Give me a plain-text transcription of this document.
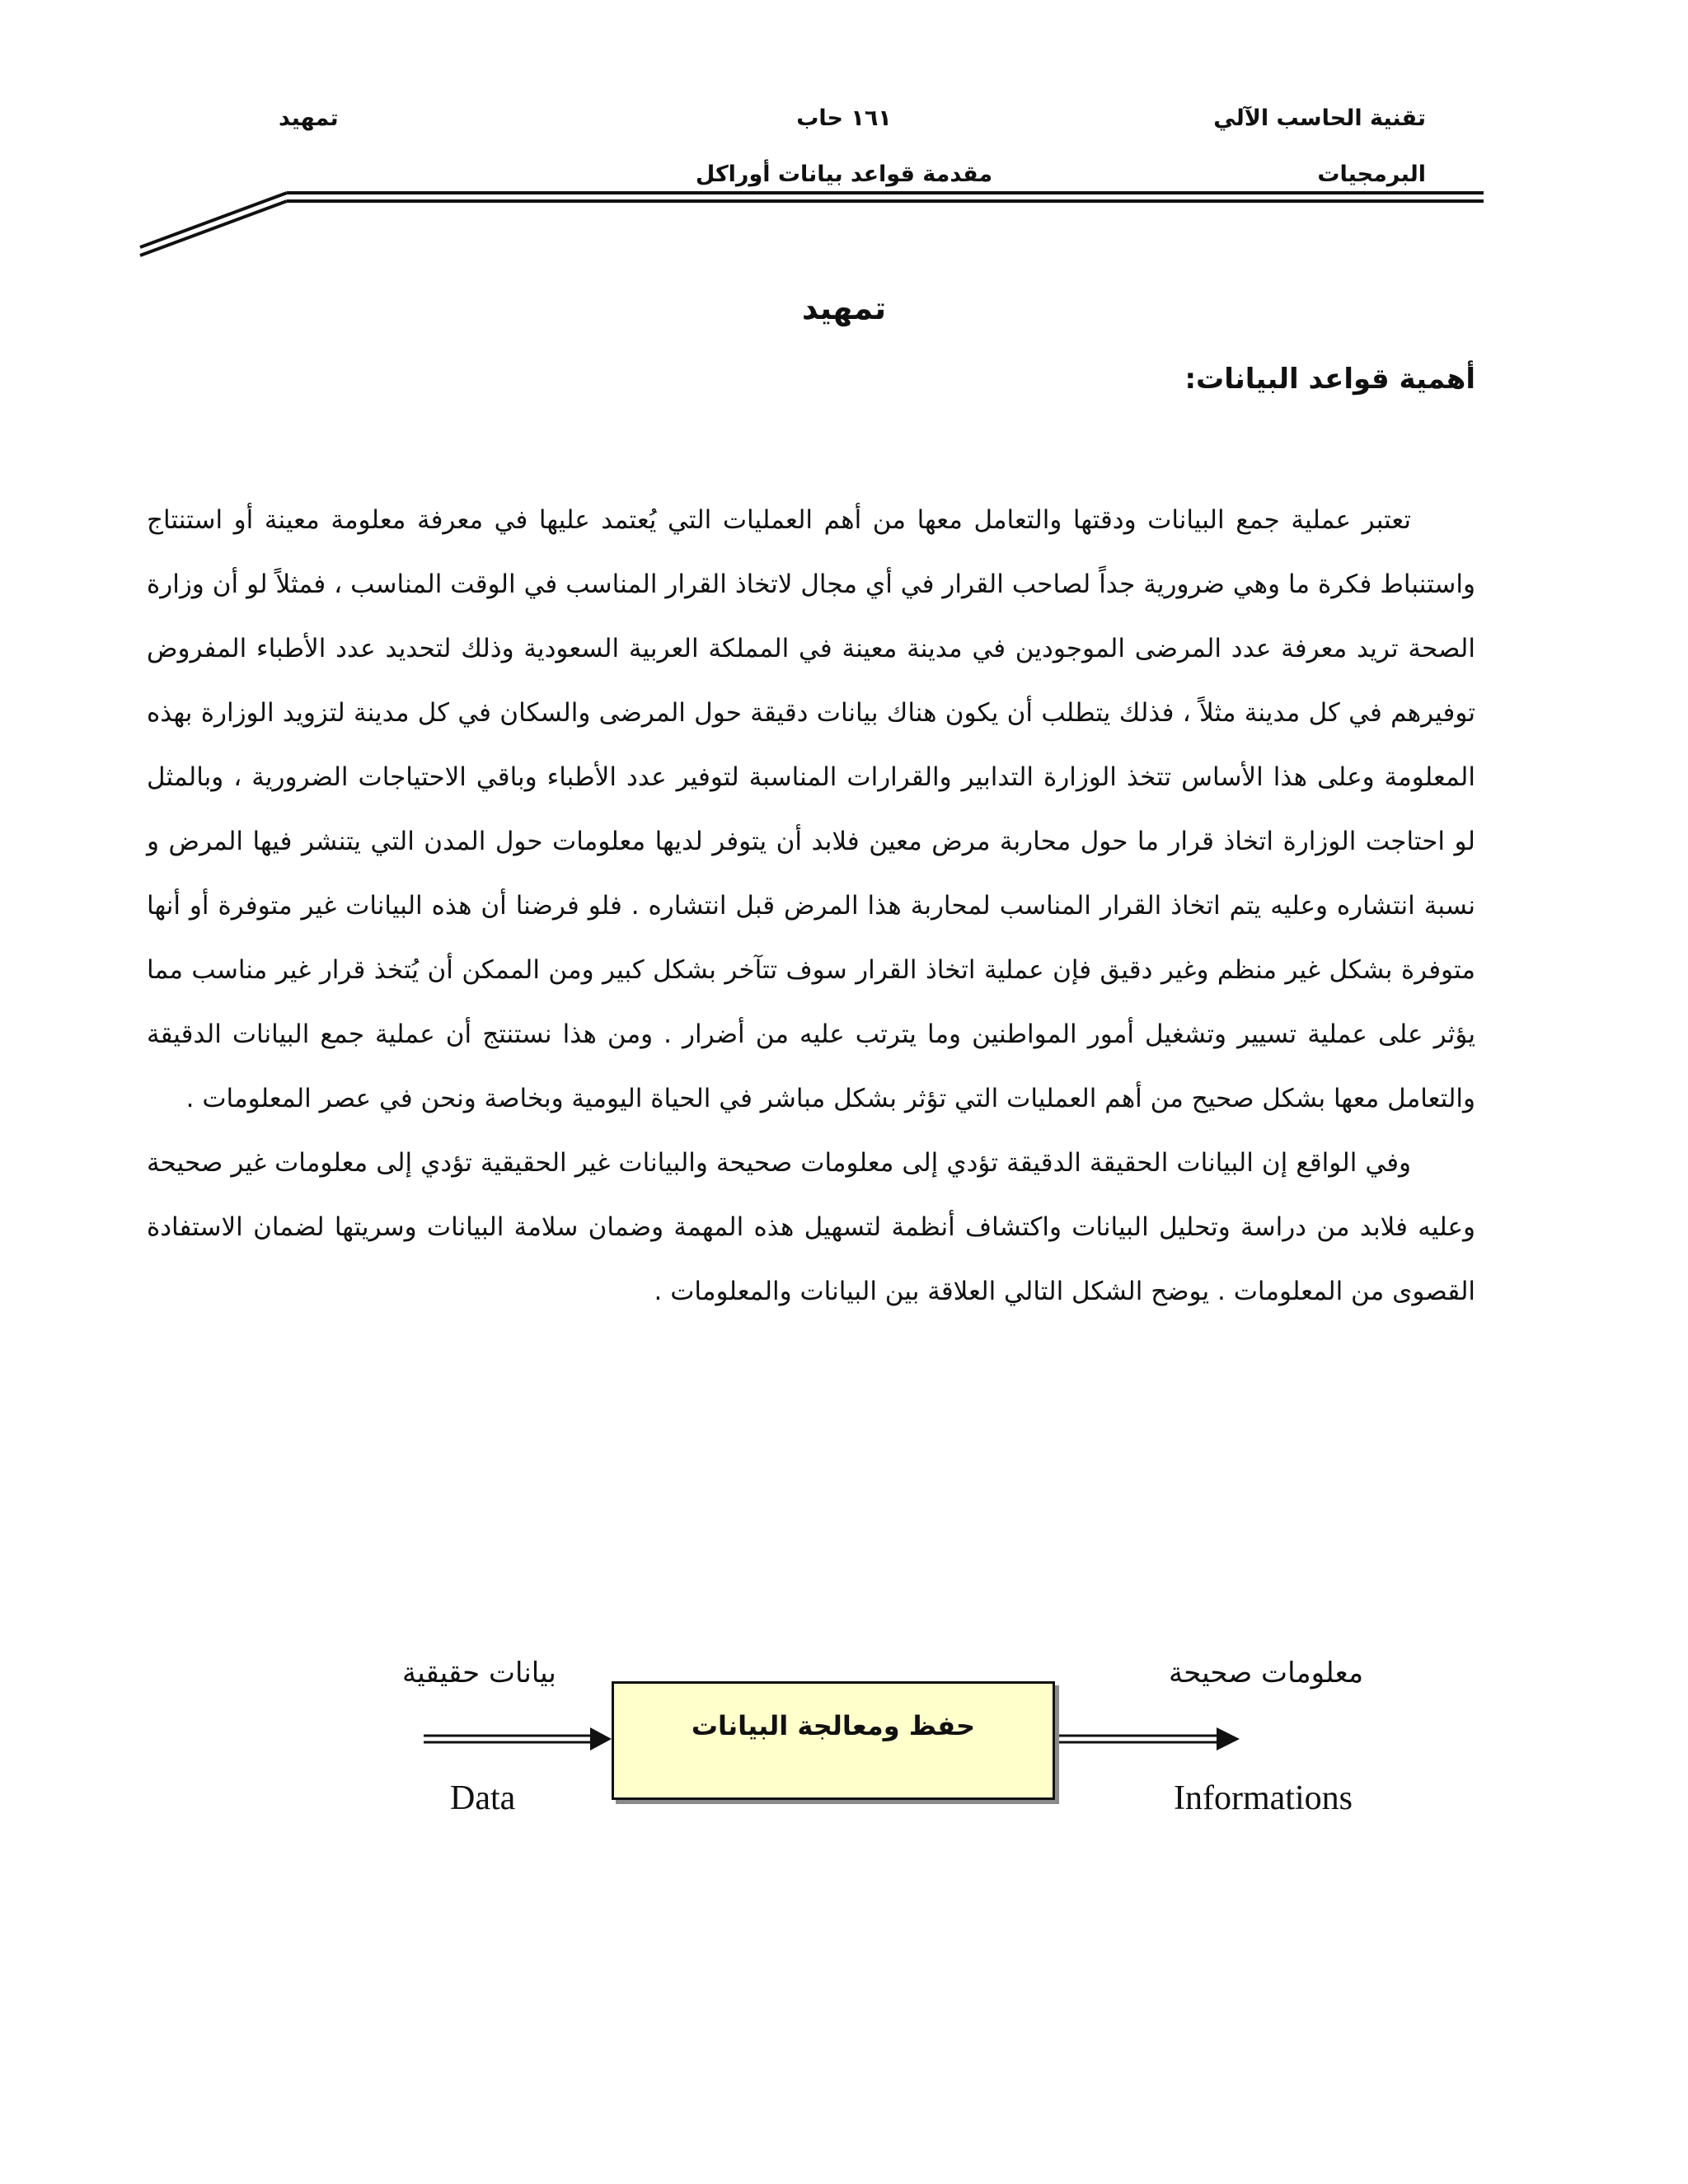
تقنية الحاسب الآلي
البرمجيات
١٦١ حاب
مقدمة قواعد بيانات أوراكل
تمهيد
تمهيد
أهمية قواعد البيانات:

تعتبر عملية جمع البيانات ودقتها والتعامل معها من أهم العمليات التي يُعتمد عليها في معرفة معلومة معينة أو استنتاج واستنباط فكرة ما وهي ضرورية جداً لصاحب القرار في أي مجال لاتخاذ القرار المناسب في الوقت المناسب ، فمثلاً لو أن وزارة الصحة تريد معرفة عدد المرضى الموجودين في مدينة معينة في المملكة العربية السعودية وذلك لتحديد عدد الأطباء المفروض توفيرهم في كل مدينة مثلاً ، فذلك يتطلب أن يكون هناك بيانات دقيقة حول المرضى والسكان في كل مدينة لتزويد الوزارة بهذه المعلومة وعلى هذا الأساس تتخذ الوزارة التدابير والقرارات المناسبة لتوفير عدد الأطباء وباقي الاحتياجات الضرورية ، وبالمثل لو احتاجت الوزارة اتخاذ قرار ما حول محاربة مرض معين فلابد أن يتوفر لديها معلومات حول المدن التي يتنشر فيها المرض و نسبة انتشاره وعليه يتم اتخاذ القرار المناسب لمحاربة هذا المرض قبل انتشاره . فلو فرضنا أن هذه البيانات غير متوفرة أو أنها متوفرة بشكل غير منظم وغير دقيق فإن عملية اتخاذ القرار سوف تتآخر بشكل كبير ومن الممكن أن يُتخذ قرار غير مناسب مما يؤثر على عملية تسيير وتشغيل أمور المواطنين وما يترتب عليه من أضرار . ومن هذا نستنتج أن عملية جمع البيانات الدقيقة والتعامل معها بشكل صحيح من أهم العمليات التي تؤثر بشكل مباشر في الحياة اليومية وبخاصة ونحن في عصر المعلومات .

وفي الواقع إن البيانات الحقيقة الدقيقة تؤدي إلى معلومات صحيحة والبيانات غير الحقيقية تؤدي إلى معلومات غير صحيحة وعليه فلابد من دراسة وتحليل البيانات واكتشاف أنظمة لتسهيل هذه المهمة وضمان سلامة البيانات وسريتها لضمان الاستفادة القصوى من المعلومات . يوضح الشكل التالي العلاقة بين البيانات والمعلومات .

بيانات حقيقية	معلومات صحيحة
Data	Informations
حفظ ومعالجة البيانات
